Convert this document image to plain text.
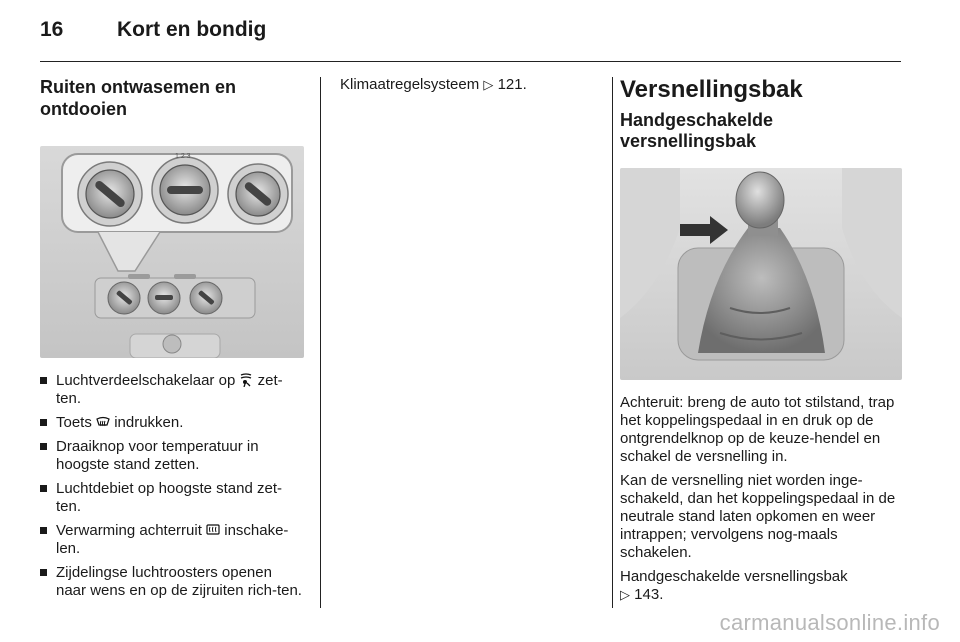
16	Kort en bondig
Ruiten ontwasemen en ontdooien
1 2 3
Luchtverdeelschakelaar op  zet-ten.
Toets  indrukken.
Draaiknop voor temperatuur in hoogste stand zetten.
Luchtdebiet op hoogste stand zet-ten.
Verwarming achterruit  inschake-len.
Zijdelingse luchtroosters openen naar wens en op de zijruiten rich-ten.

Klimaatregelsysteem ▷ 121.	Versnellingsbak
Handgeschakelde versnellingsbak

Achteruit: breng de auto tot stilstand, trap het koppelingspedaal in en druk op de ontgrendelknop op de keuze-hendel en schakel de versnelling in.

Kan de versnelling niet worden inge-schakeld, dan het koppelingspedaal in de neutrale stand laten opkomen en weer intrappen; vervolgens nog-maals schakelen.

Handgeschakelde versnellingsbak
▷ 143.

carmanualsonline.info
